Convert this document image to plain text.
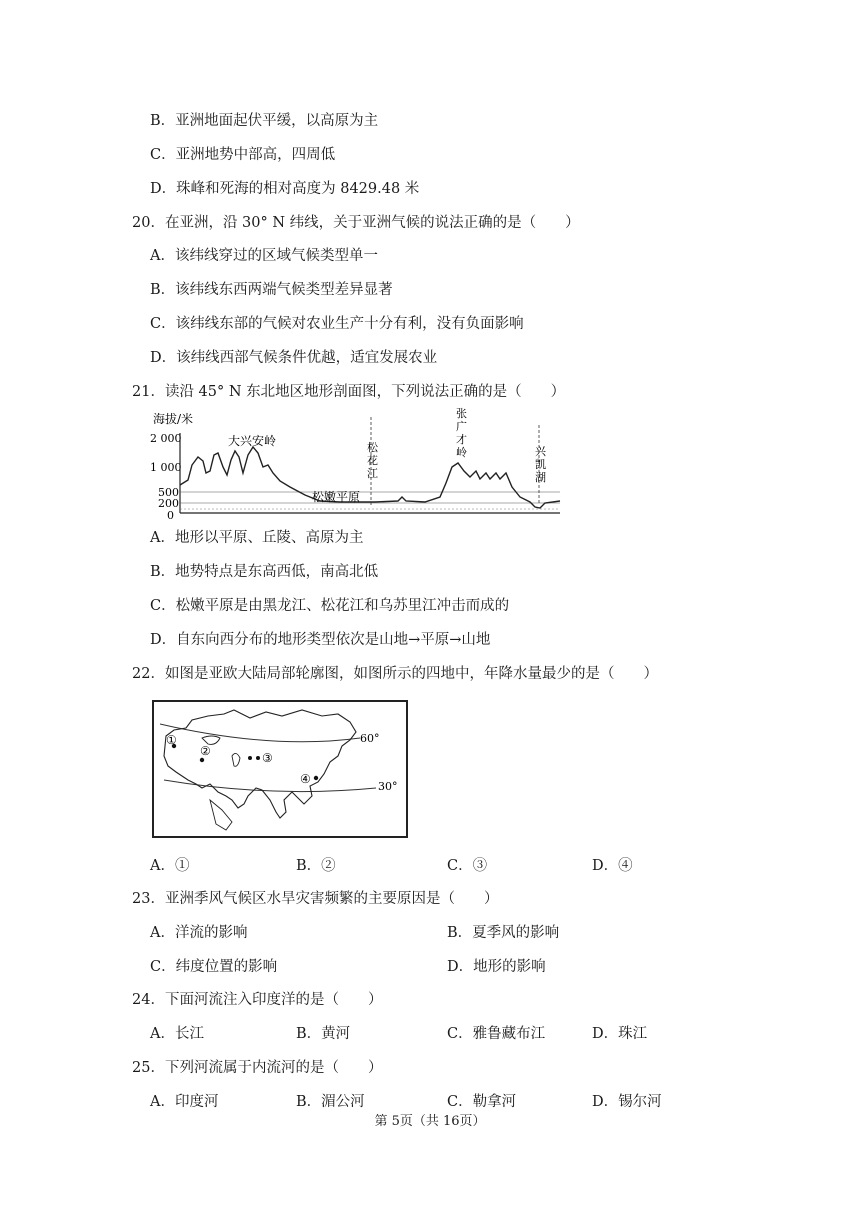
B．亚洲地面起伏平缓，以高原为主
C．亚洲地势中部高，四周低
D．珠峰和死海的相对高度为 8429.48 米
20．在亚洲，沿 30° N 纬线，关于亚洲气候的说法正确的是（　　）
A．该纬线穿过的区域气候类型单一
B．该纬线东西两端气候类型差异显著
C．该纬线东部的气候对农业生产十分有利，没有负面影响
D．该纬线西部气候条件优越，适宜发展农业
21．读沿 45° N 东北地区地形剖面图，下列说法正确的是（　　）
海拔/米
2 000
1 000
500
200
0
大兴安岭
松嫩平原
松
花
江
张
广
才
岭	兴
凯
湖
A．地形以平原、丘陵、高原为主
B．地势特点是东高西低，南高北低
C．松嫩平原是由黑龙江、松花江和乌苏里江冲击而成的
D．自东向西分布的地形类型依次是山地→平原→山地
22．如图是亚欧大陆局部轮廓图，如图所示的四地中，年降水量最少的是（　　）
60°
30°
①
②	③
④
A．①	B．②	C．③	D．④
23．亚洲季风气候区水旱灾害频繁的主要原因是（　　）
A．洋流的影响	B．夏季风的影响
C．纬度位置的影响	D．地形的影响
24．下面河流注入印度洋的是（　　）
A．长江	B．黄河	C．雅鲁藏布江	D．珠江
25．下列河流属于内流河的是（　　）
A．印度河	B．湄公河	C．勒拿河	D．锡尔河
第 5页（共 16页）
